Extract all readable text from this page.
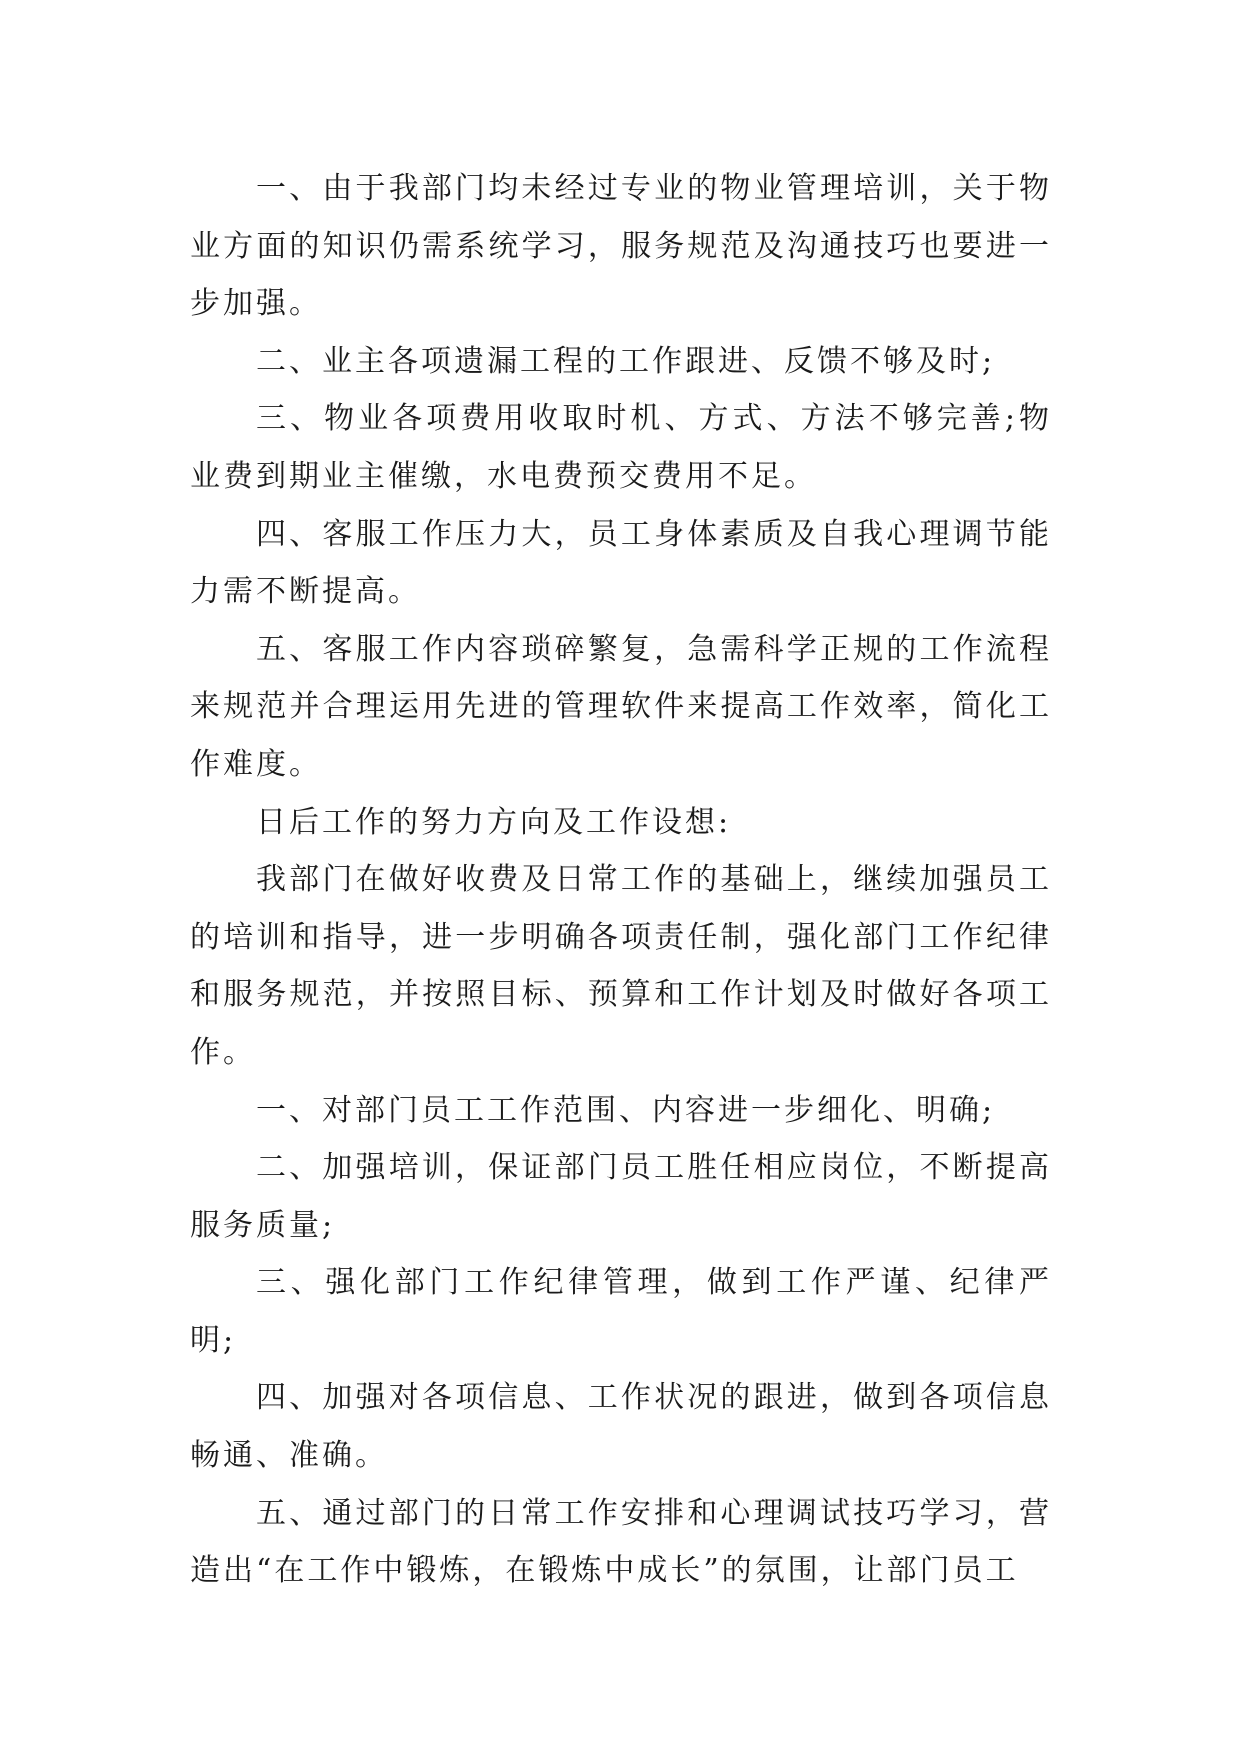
一、由于我部门均未经过专业的物业管理培训，关于物业方面的知识仍需系统学习，服务规范及沟通技巧也要进一步加强。

二、业主各项遗漏工程的工作跟进、反馈不够及时;

三、物业各项费用收取时机、方式、方法不够完善;物业费到期业主催缴，水电费预交费用不足。

四、客服工作压力大，员工身体素质及自我心理调节能力需不断提高。

五、客服工作内容琐碎繁复，急需科学正规的工作流程来规范并合理运用先进的管理软件来提高工作效率，简化工作难度。

日后工作的努力方向及工作设想:

我部门在做好收费及日常工作的基础上，继续加强员工的培训和指导，进一步明确各项责任制，强化部门工作纪律和服务规范，并按照目标、预算和工作计划及时做好各项工作。

一、对部门员工工作范围、内容进一步细化、明确;

二、加强培训，保证部门员工胜任相应岗位，不断提高服务质量;

三、强化部门工作纪律管理，做到工作严谨、纪律严明;

四、加强对各项信息、工作状况的跟进，做到各项信息畅通、准确。

五、通过部门的日常工作安排和心理调试技巧学习，营造出“在工作中锻炼，在锻炼中成长”的氛围，让部门员工
